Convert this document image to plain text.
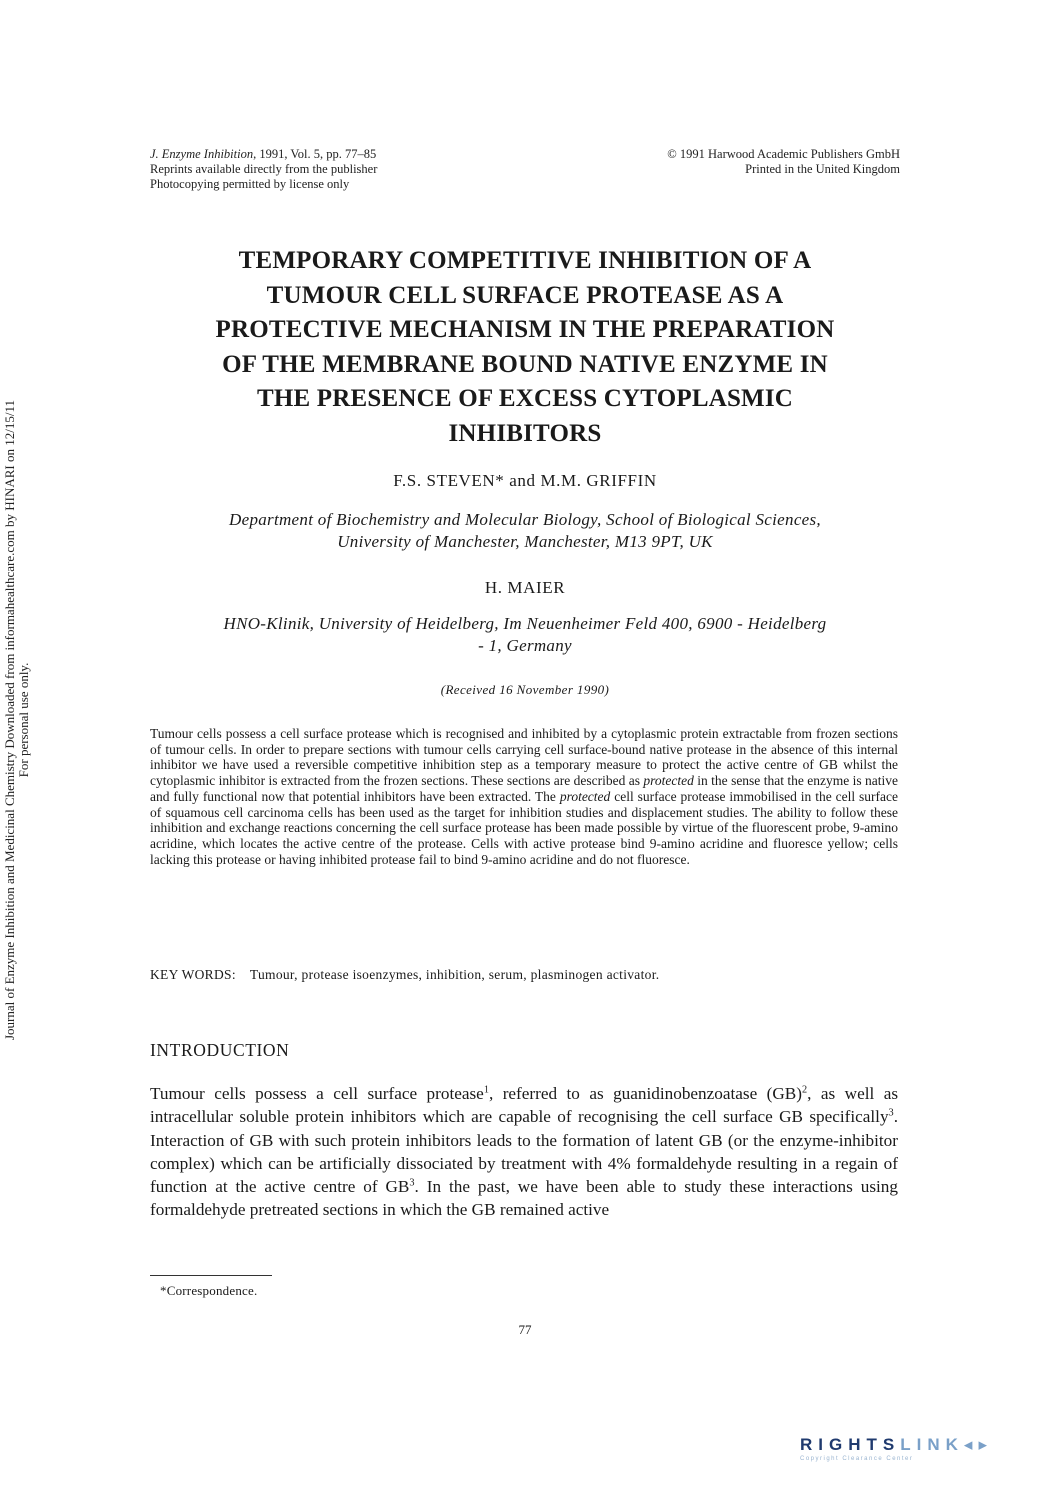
Journal of Enzyme Inhibition and Medicinal Chemistry Downloaded from informahealthcare.com by HINARI on 12/15/11 For personal use only.
J. Enzyme Inhibition, 1991, Vol. 5, pp. 77–85
Reprints available directly from the publisher
Photocopying permitted by license only
© 1991 Harwood Academic Publishers GmbH
Printed in the United Kingdom
TEMPORARY COMPETITIVE INHIBITION OF A
TUMOUR CELL SURFACE PROTEASE AS A
PROTECTIVE MECHANISM IN THE PREPARATION
OF THE MEMBRANE BOUND NATIVE ENZYME IN
THE PRESENCE OF EXCESS CYTOPLASMIC
INHIBITORS
F.S. STEVEN* and M.M. GRIFFIN
Department of Biochemistry and Molecular Biology, School of Biological Sciences,
University of Manchester, Manchester, M13 9PT, UK
H. MAIER
HNO-Klinik, University of Heidelberg, Im Neuenheimer Feld 400, 6900 - Heidelberg
- 1, Germany
(Received 16 November 1990)
Tumour cells possess a cell surface protease which is recognised and inhibited by a cytoplasmic protein extractable from frozen sections of tumour cells. In order to prepare sections with tumour cells carrying cell surface-bound native protease in the absence of this internal inhibitor we have used a reversible competitive inhibition step as a temporary measure to protect the active centre of GB whilst the cytoplasmic inhibitor is extracted from the frozen sections. These sections are described as protected in the sense that the enzyme is native and fully functional now that potential inhibitors have been extracted. The protected cell surface protease immobilised in the cell surface of squamous cell carcinoma cells has been used as the target for inhibition studies and displacement studies. The ability to follow these inhibition and exchange reactions concerning the cell surface protease has been made possible by virtue of the fluorescent probe, 9-amino acridine, which locates the active centre of the protease. Cells with active protease bind 9-amino acridine and fluoresce yellow; cells lacking this protease or having inhibited protease fail to bind 9-amino acridine and do not fluoresce.
KEY WORDS: Tumour, protease isoenzymes, inhibition, serum, plasminogen activator.
INTRODUCTION
Tumour cells possess a cell surface protease$^1$, referred to as guanidinobenzoatase (GB)$^2$, as well as intracellular soluble protein inhibitors which are capable of recognising the cell surface GB specifically$^3$. Interaction of GB with such protein inhibitors leads to the formation of latent GB (or the enzyme-inhibitor complex) which can be artificially dissociated by treatment with 4% formaldehyde resulting in a regain of function at the active centre of $GB^3$. In the past, we have been able to study these interactions using formaldehyde pretreated sections in which the GB remained active
*Correspondence.
77
RIGHTSLINK◂▸
Copyright Clearance Center
